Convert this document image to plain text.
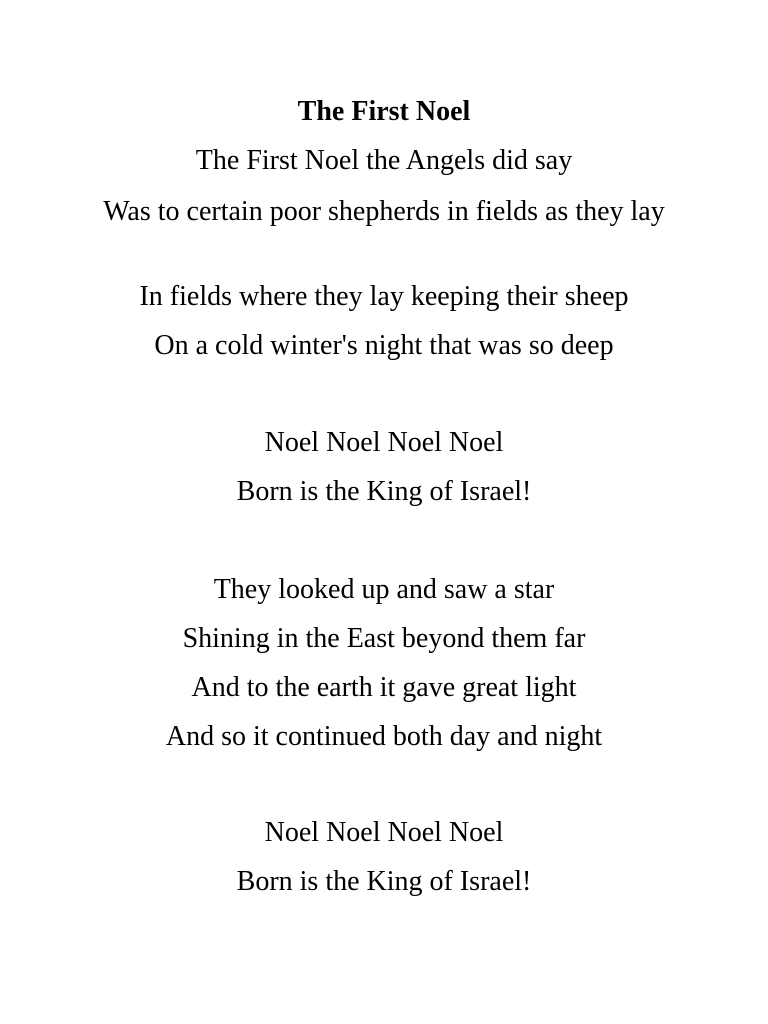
The First Noel
The First Noel the Angels did say
Was to certain poor shepherds in fields as they lay
In fields where they lay keeping their sheep
On a cold winter's night that was so deep
Noel Noel Noel Noel
Born is the King of Israel!
They looked up and saw a star
Shining in the East beyond them far
And to the earth it gave great light
And so it continued both day and night
Noel Noel Noel Noel
Born is the King of Israel!
